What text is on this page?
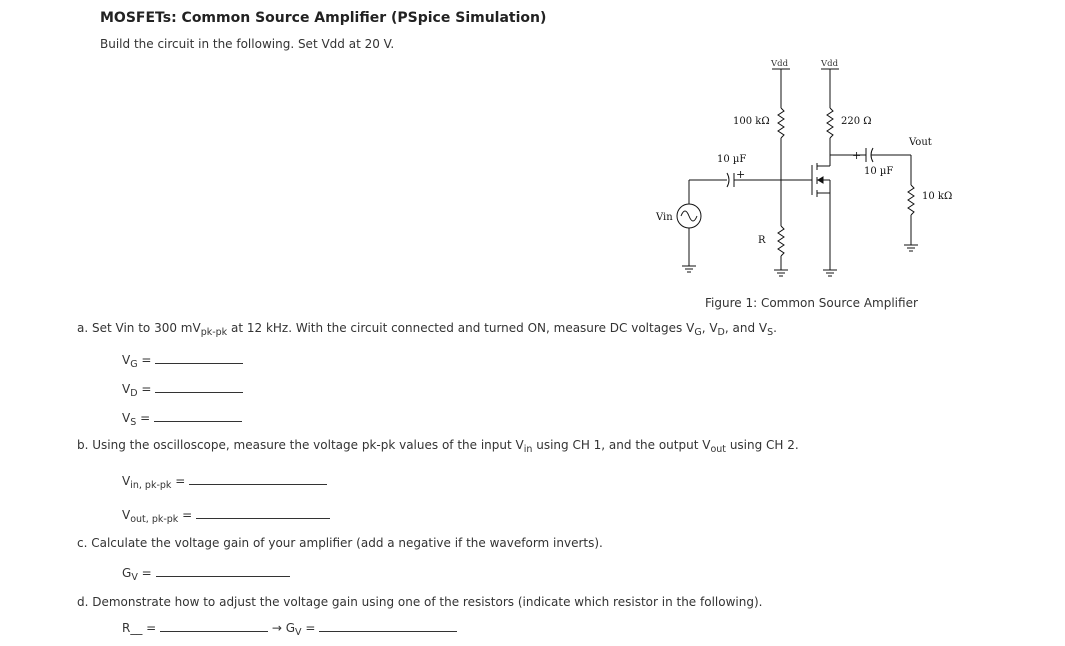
MOSFETs: Common Source Amplifier (PSpice Simulation)
Build the circuit in the following. Set Vdd at 20 V.
Vdd	Vdd
100 kΩ	220 Ω
10 µF
+
+
10 µF
Vout
10 kΩ
Vin
R
Figure 1: Common Source Amplifier
a. Set Vin to 300 $mV_{pk-pk}$ at 12 kHz. With the circuit connected and turned ON, measure DC voltages $V_G$, $V_D$, and $V_S$.
$V_G$ =
$V_D$ =
$V_S$ =
b. Using the oscilloscope, measure the voltage pk-pk values of the input $V_{in}$ using CH 1, and the output $V_{out}$ using CH 2.
$V_{in, pk-pk}$ =
$V_{out, pk-pk}$ =
c. Calculate the voltage gain of your amplifier (add a negative if the waveform inverts).
$G_V$ =
d. Demonstrate how to adjust the voltage gain using one of the resistors (indicate which resistor in the following).
R__ =	→ $G_V$ =
